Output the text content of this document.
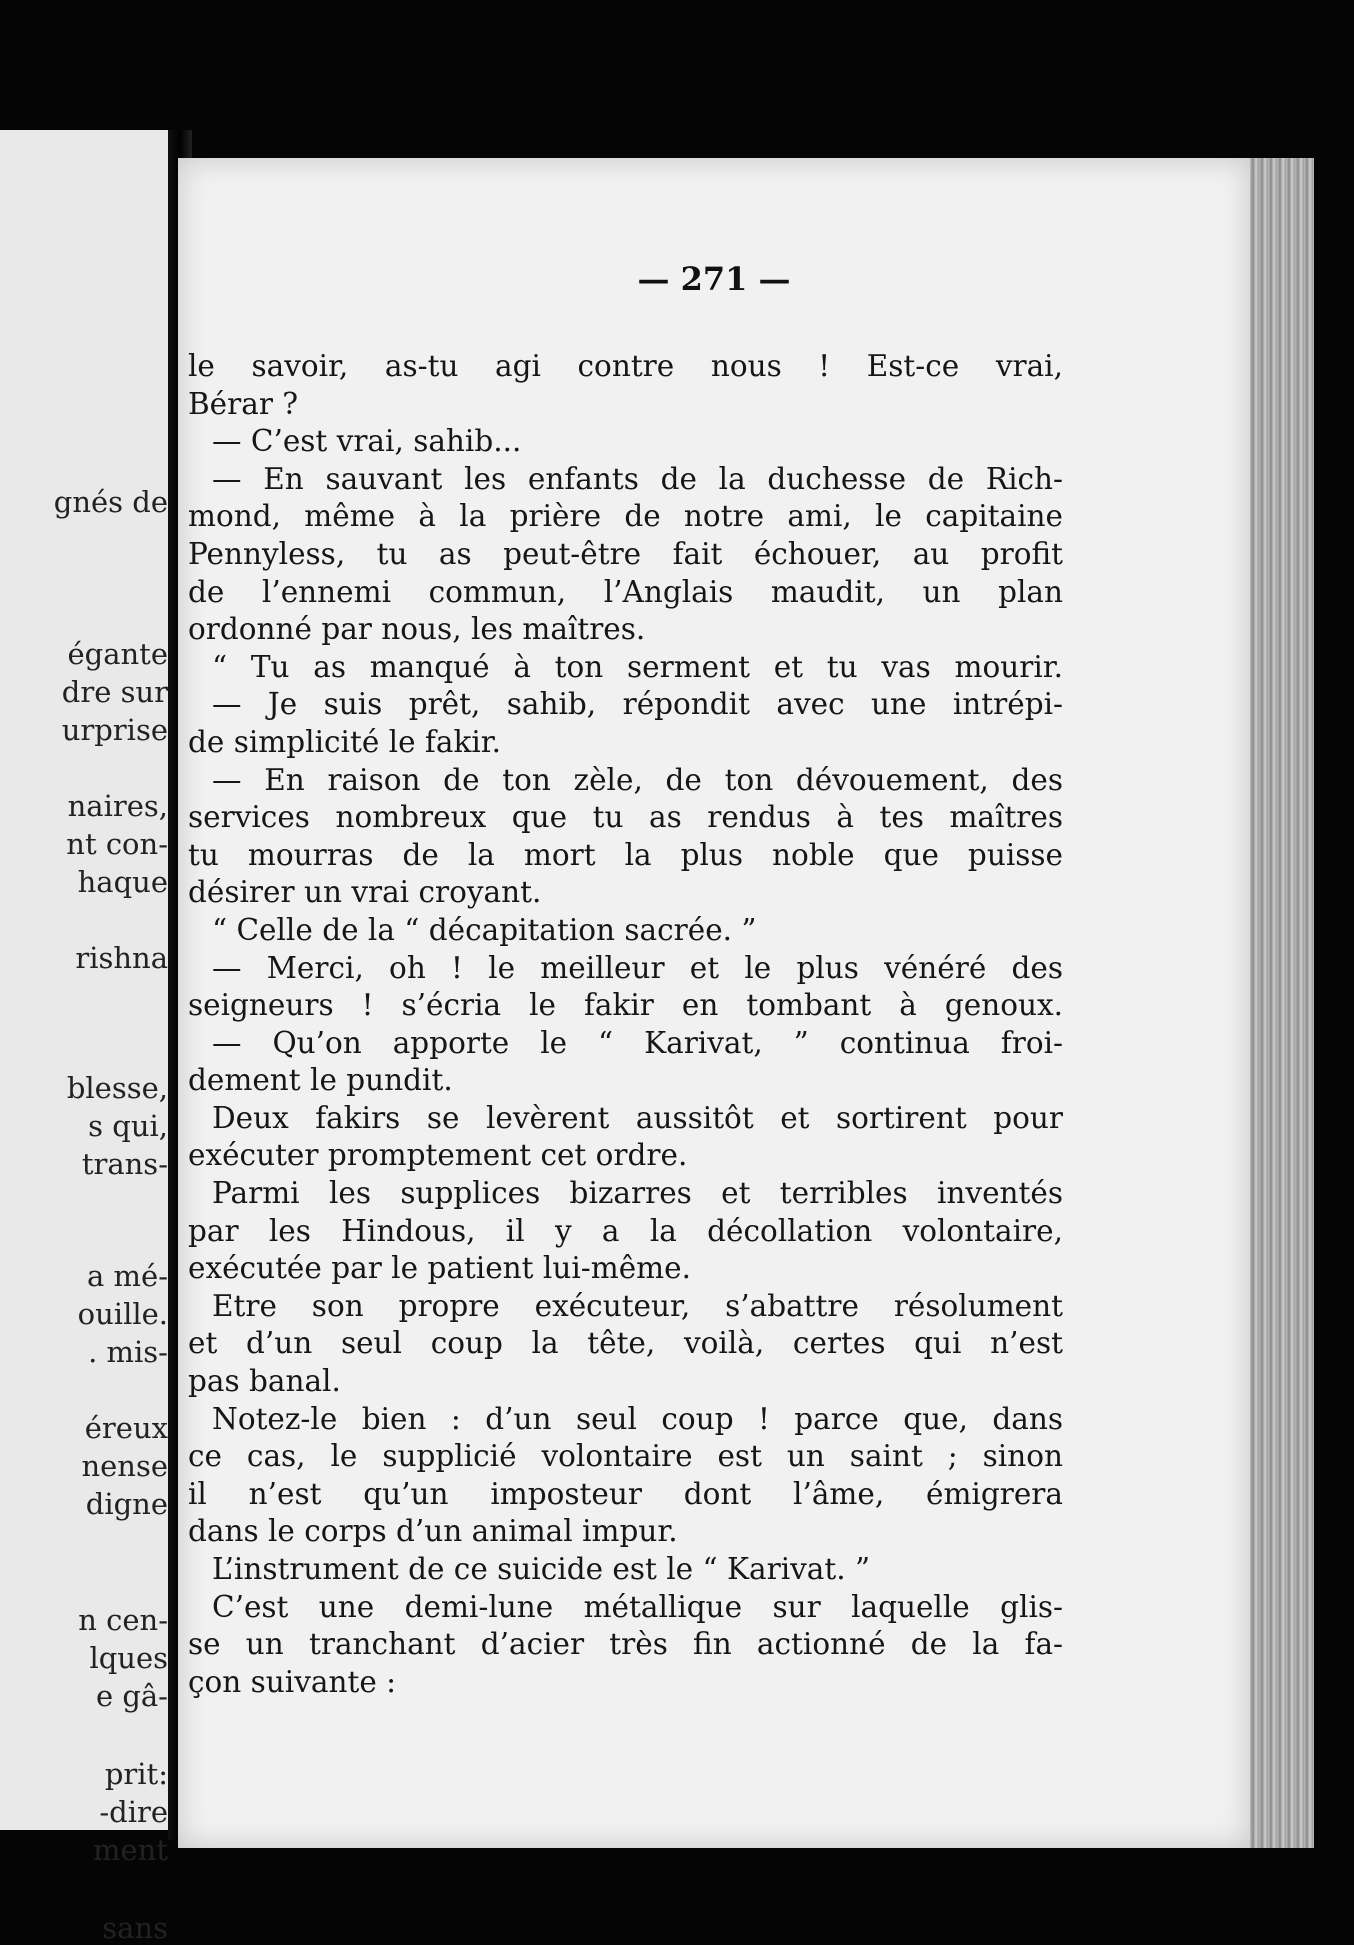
gnés de
égante
dre sur
urprise
naires,
nt con-
haque
rishna
blesse,
s qui,
trans-
a mé-
ouille.
. mis-
éreux
nense
digne
n cen-
lques
e gâ-
prit:
-dire
ment
sans
— 271 —
le savoir, as-tu agi contre nous ! Est-ce vrai,
Bérar ?
— C’est vrai, sahib...
— En sauvant les enfants de la duchesse de Rich-
mond, même à la prière de notre ami, le capitaine
Pennyless, tu as peut-être fait échouer, au profit
de l’ennemi commun, l’Anglais maudit, un plan
ordonné par nous, les maîtres.
“ Tu as manqué à ton serment et tu vas mourir.
— Je suis prêt, sahib, répondit avec une intrépi-
de simplicité le fakir.
— En raison de ton zèle, de ton dévouement, des
services nombreux que tu as rendus à tes maîtres
tu mourras de la mort la plus noble que puisse
désirer un vrai croyant.
“ Celle de la “ décapitation sacrée. ”
— Merci, oh ! le meilleur et le plus vénéré des
seigneurs ! s’écria le fakir en tombant à genoux.
— Qu’on apporte le “ Karivat, ” continua froi-
dement le pundit.
Deux fakirs se levèrent aussitôt et sortirent pour
exécuter promptement cet ordre.
Parmi les supplices bizarres et terribles inventés
par les Hindous, il y a la décollation volontaire,
exécutée par le patient lui-même.
Etre son propre exécuteur, s’abattre résolument
et d’un seul coup la tête, voilà, certes qui n’est
pas banal.
Notez-le bien : d’un seul coup ! parce que, dans
ce cas, le supplicié volontaire est un saint ; sinon
il n’est qu’un imposteur dont l’âme, émigrera
dans le corps d’un animal impur.
L’instrument de ce suicide est le “ Karivat. ”
C’est une demi-lune métallique sur laquelle glis-
se un tranchant d’acier très fin actionné de la fa-
çon suivante :
